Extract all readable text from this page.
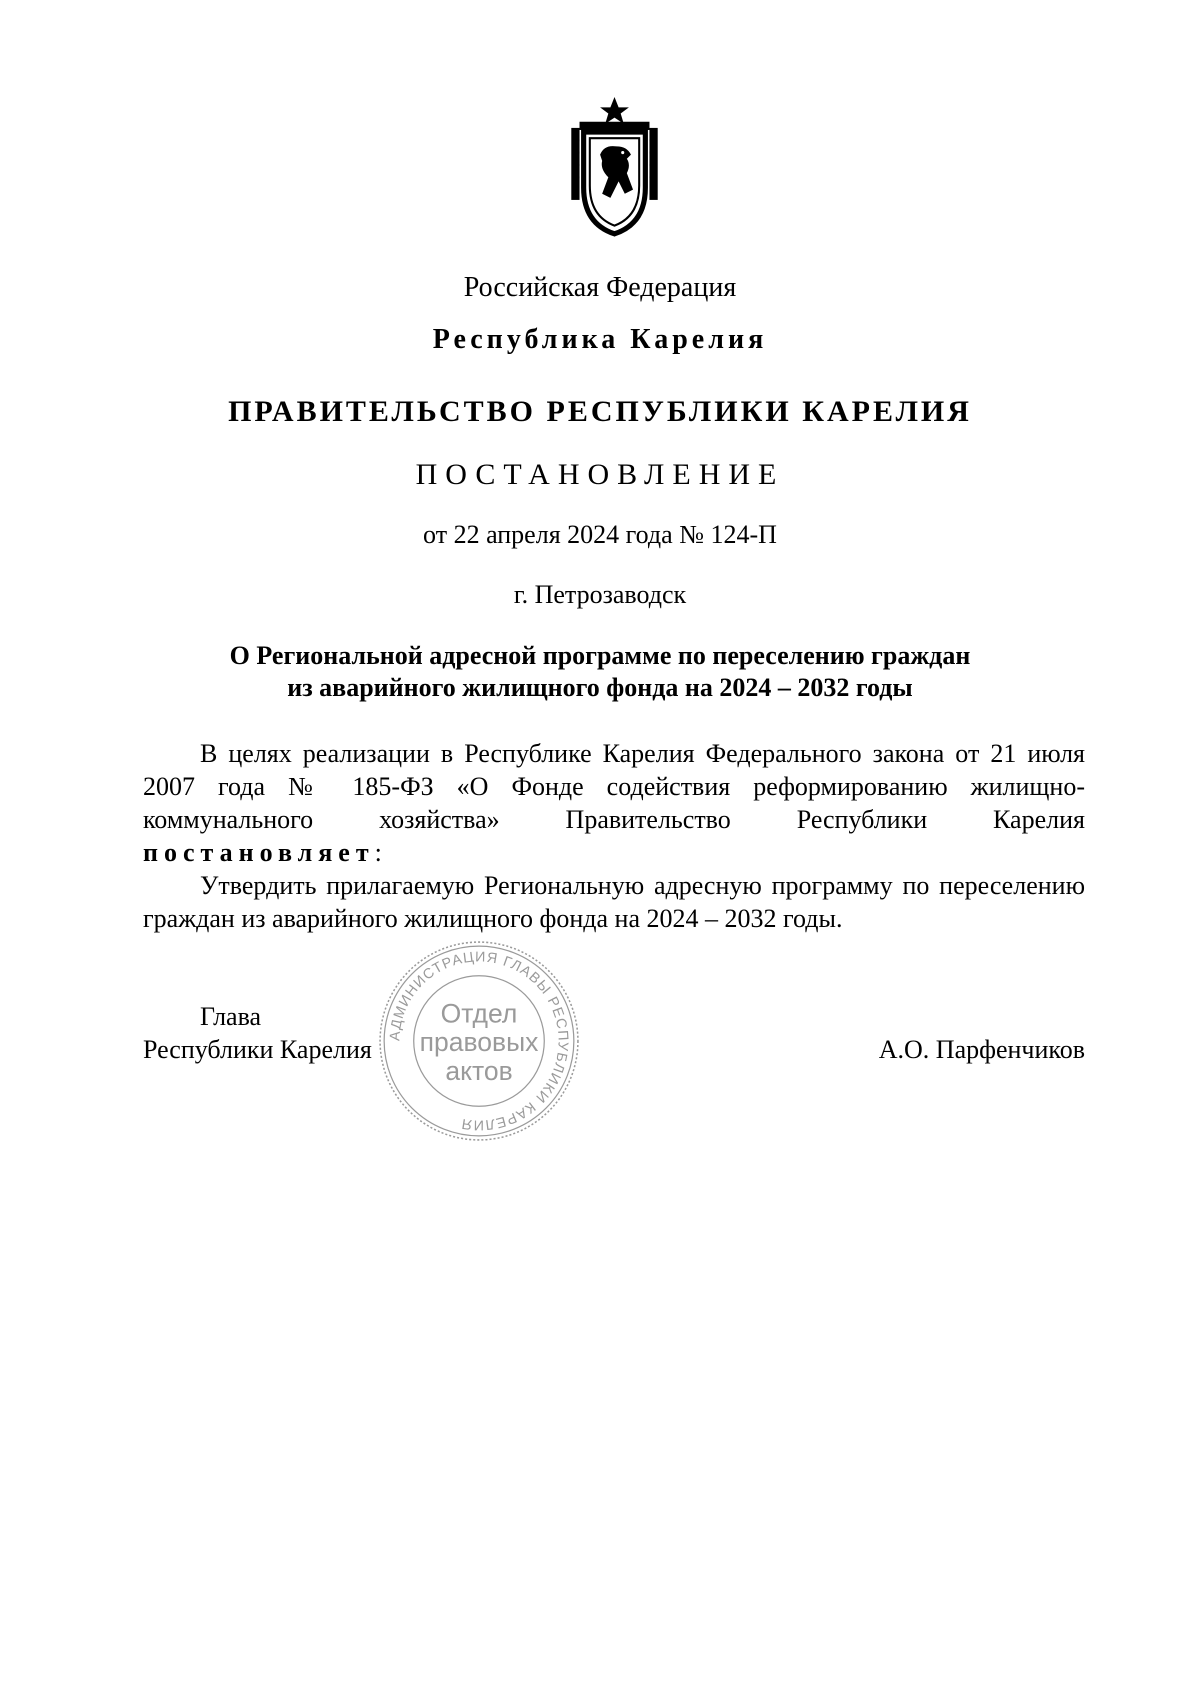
Российская Федерация
Республика Карелия
ПРАВИТЕЛЬСТВО РЕСПУБЛИКИ КАРЕЛИЯ
ПОСТАНОВЛЕНИЕ
от 22 апреля 2024 года № 124-П
г. Петрозаводск
О Региональной адресной программе по переселению граждан
из аварийного жилищного фонда на 2024 – 2032 годы

В целях реализации в Республике Карелия Федерального закона от 21 июля 2007 года № 185-ФЗ «О Фонде содействия реформированию жилищно-коммунального хозяйства» Правительство Республики Карелия постановляет:

Утвердить прилагаемую Региональную адресную программу по переселению граждан из аварийного жилищного фонда на 2024 – 2032 годы.

Глава
Республики Карелия	А.О. Парфенчиков
АДМИНИСТРАЦИЯ ГЛАВЫ РЕСПУБЛИКИ КАРЕЛИЯ
Отдел
правовых
актов
